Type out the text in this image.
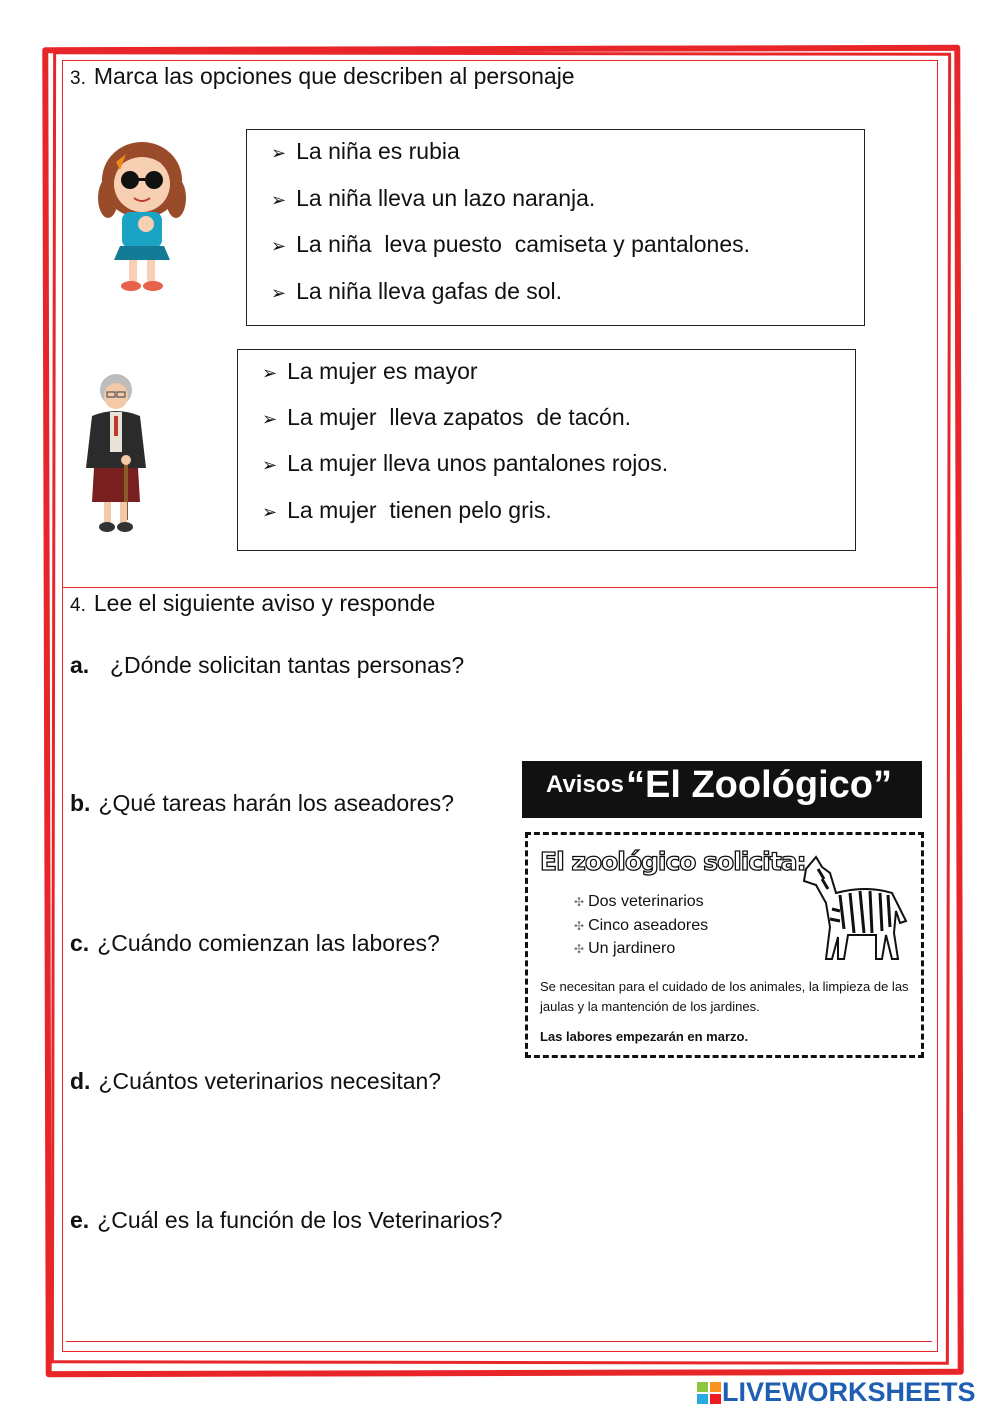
3. Marca las opciones que describen al personaje
➢ La niña es rubia
➢ La niña lleva un lazo naranja.
➢ La niña  leva puesto  camiseta y pantalones.
➢ La niña lleva gafas de sol.
➢ La mujer es mayor
➢ La mujer  lleva zapatos  de tacón.
➢ La mujer lleva unos pantalones rojos.
➢ La mujer  tienen pelo gris.
4. Lee el siguiente aviso y responde
a.  ¿Dónde solicitan tantas personas?
b. ¿Qué tareas harán los aseadores?
c. ¿Cuándo comienzan las labores?
d. ¿Cuántos veterinarios necesitan?
e. ¿Cuál es la función de los Veterinarios?
Avisos “El Zoológico”
El zoológico solicita:
✣ Dos veterinarios
✣ Cinco aseadores
✣ Un jardinero
Se necesitan para el cuidado de los animales, la limpieza de las jaulas y la mantención de los jardines.
Las labores empezarán en marzo.
LIVEWORKSHEETS
